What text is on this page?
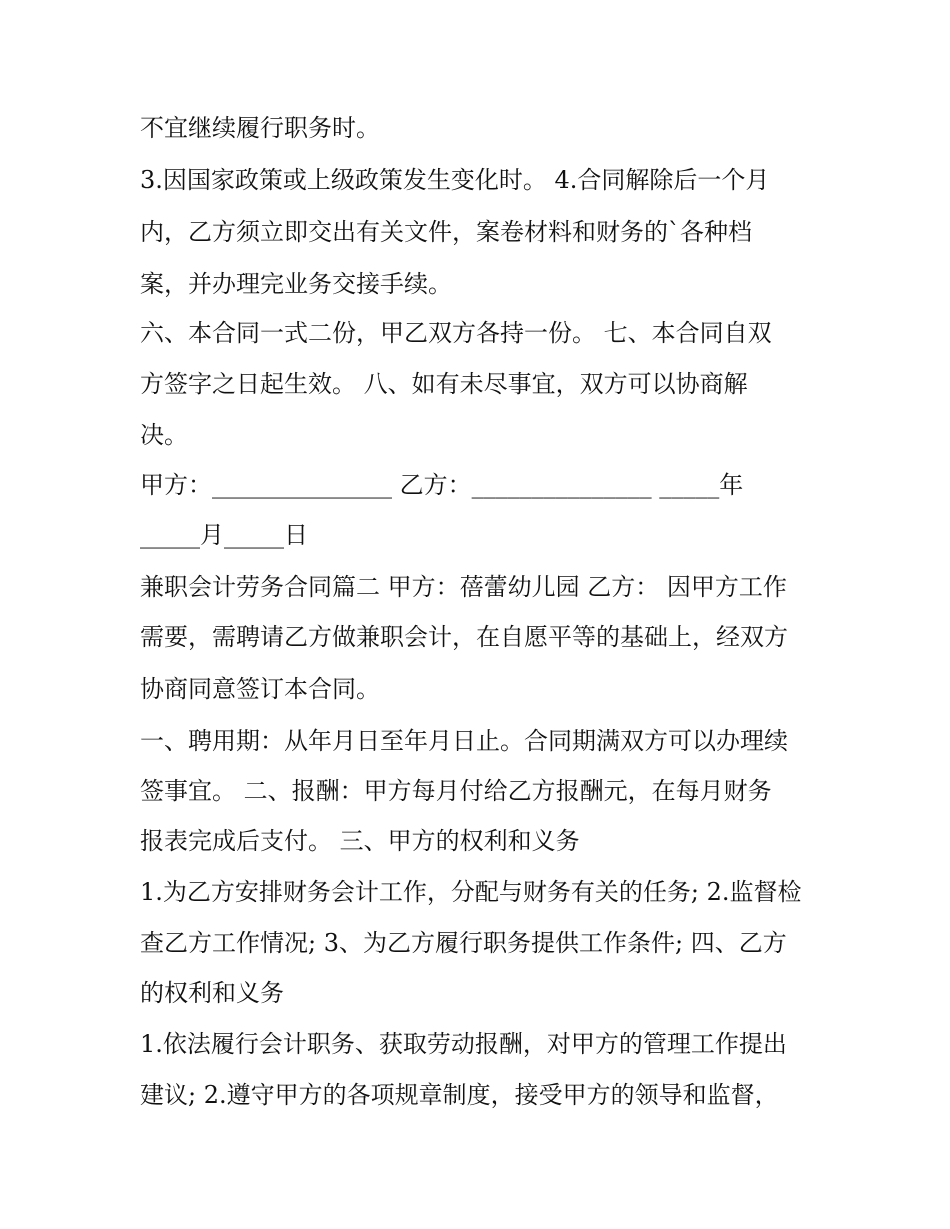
不宜继续履行职务时。
3.因国家政策或上级政策发生变化时。 4.合同解除后一个月
内，乙方须立即交出有关文件，案卷材料和财务的`各种档
案，并办理完业务交接手续。
六、本合同一式二份，甲乙双方各持一份。 七、本合同自双
方签字之日起生效。 八、如有未尽事宜，双方可以协商解
决。
甲方：_______________ 乙方：_______________ _____年
_____月_____日
兼职会计劳务合同篇二 甲方：蓓蕾幼儿园 乙方： 因甲方工作
需要，需聘请乙方做兼职会计，在自愿平等的基础上，经双方
协商同意签订本合同。
一、聘用期：从年月日至年月日止。合同期满双方可以办理续
签事宜。 二、报酬：甲方每月付给乙方报酬元，在每月财务
报表完成后支付。 三、甲方的权利和义务
1.为乙方安排财务会计工作，分配与财务有关的任务; 2.监督检
查乙方工作情况; 3、为乙方履行职务提供工作条件; 四、乙方
的权利和义务
1.依法履行会计职务、获取劳动报酬，对甲方的管理工作提出
建议; 2.遵守甲方的各项规章制度，接受甲方的领导和监督，
